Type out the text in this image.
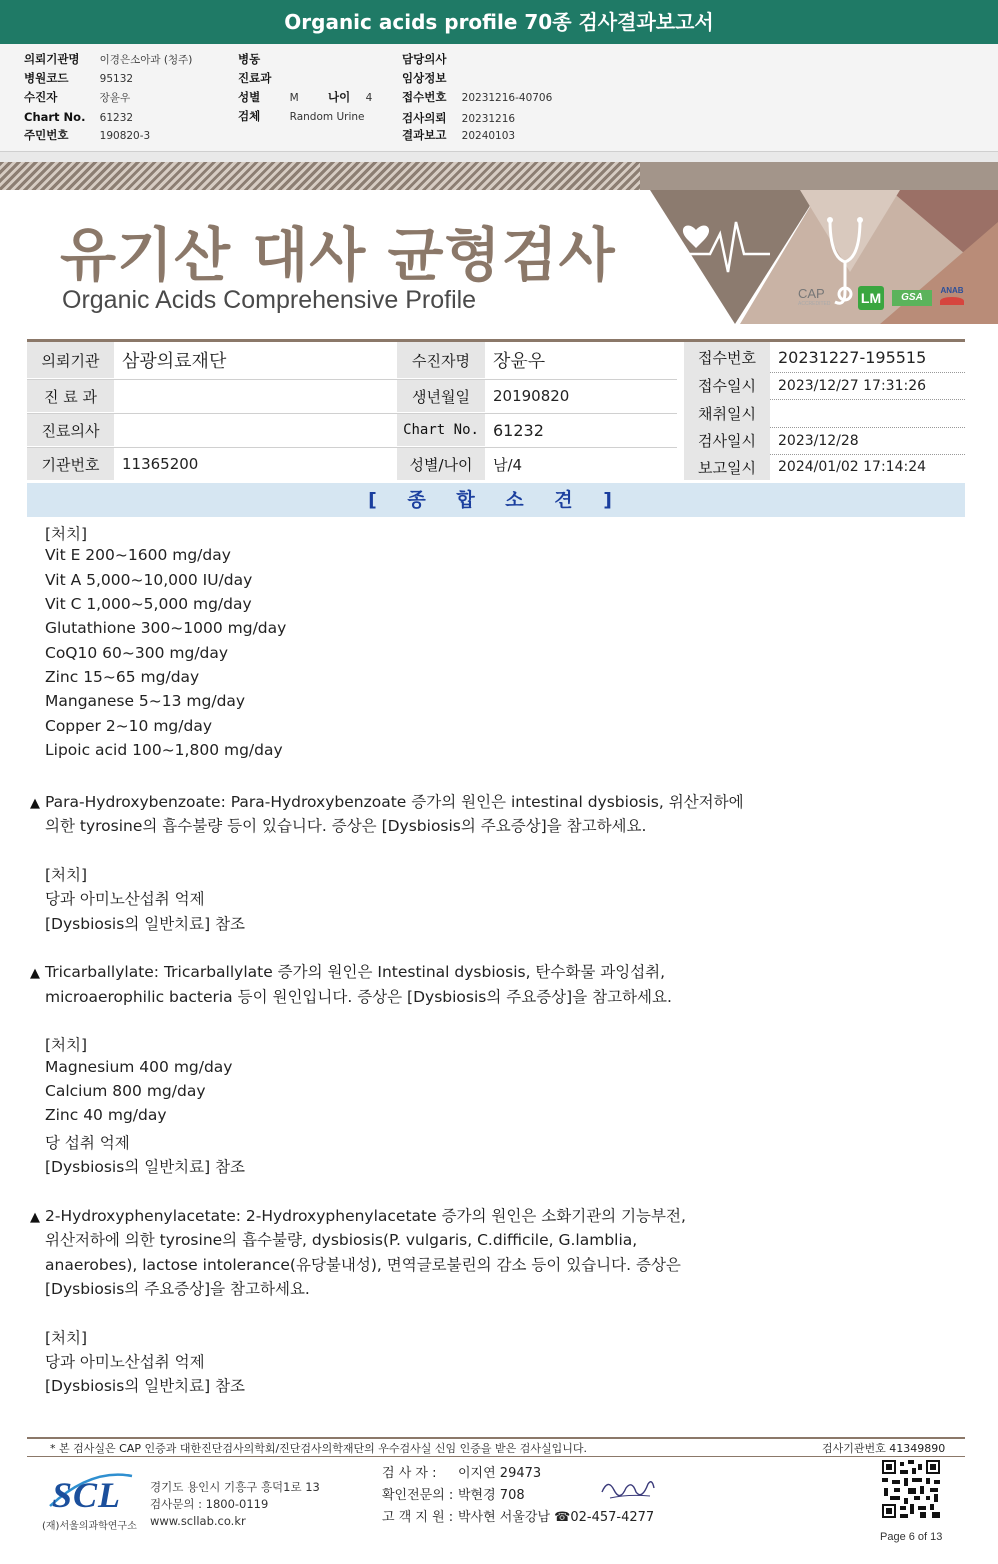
Organic acids profile 70종 검사결과보고서
의뢰기관명 이경은소아과 (청주)
병원코드	95132
수진자	장윤우
Chart No. 61232
주민번호	190820-3
병동
진료과
성별	M	나이 4
검체	Random Urine
담당의사
임상정보
접수번호 20231216-40706
검사의뢰 20231216
결과보고 20240103
유기산 대사 균형검사
Organic Acids Comprehensive Profile	CAP
ACCREDITED LM	GSA
ANAB
의뢰기관	삼광의료재단
진 료 과
진료의사
기관번호	11365200
수진자명	장윤우
생년월일	20190820
Chart No. 61232
성별/나이	남/4
접수번호	20231227-195515
접수일시	2023/12/27 17:31:26
채취일시
검사일시	2023/12/28
보고일시	2024/01/02 17:14:24
[ 종 합 소 견 ]
[처치]
Vit E 200~1600 mg/day
Vit A 5,000~10,000 IU/day
Vit C 1,000~5,000 mg/day
Glutathione 300~1000 mg/day
CoQ10 60~300 mg/day
Zinc 15~65 mg/day
Manganese 5~13 mg/day
Copper 2~10 mg/day
Lipoic acid 100~1,800 mg/day
▲ Para-Hydroxybenzoate: Para-Hydroxybenzoate 증가의 원인은 intestinal dysbiosis, 위산저하에
의한 tyrosine의 흡수불량 등이 있습니다. 증상은 [Dysbiosis의 주요증상]을 참고하세요.
[처치]
당과 아미노산섭취 억제
[Dysbiosis의 일반치료] 참조
▲ Tricarballylate: Tricarballylate 증가의 원인은 Intestinal dysbiosis, 탄수화물 과잉섭취,
microaerophilic bacteria 등이 원인입니다. 증상은 [Dysbiosis의 주요증상]을 참고하세요.
[처치]
Magnesium 400 mg/day
Calcium 800 mg/day
Zinc 40 mg/day
당 섭취 억제
[Dysbiosis의 일반치료] 참조
▲ 2-Hydroxyphenylacetate: 2-Hydroxyphenylacetate 증가의 원인은 소화기관의 기능부전,
위산저하에 의한 tyrosine의 흡수불량, dysbiosis(P. vulgaris, C.difficile, G.lamblia,
anaerobes), lactose intolerance(유당불내성), 면역글로불린의 감소 등이 있습니다. 증상은
[Dysbiosis의 주요증상]을 참고하세요.
[처치]
당과 아미노산섭취 억제
[Dysbiosis의 일반치료] 참조
* 본 검사실은 CAP 인증과 대한진단검사의학회/진단검사의학재단의 우수검사실 신임 인증을 받은 검사실입니다.	검사기관번호 41349890
SCL
(재)서울의과학연구소
경기도 용인시 기흥구 흥덕1로 13
검사문의 : 1800-0119
www.scllab.co.kr
검 사 자 : 이지연 29473
확인전문의 : 박현경 708
고 객 지 원 : 박사현 서울강남 ☎02-457-4277
Page 6 of 13
